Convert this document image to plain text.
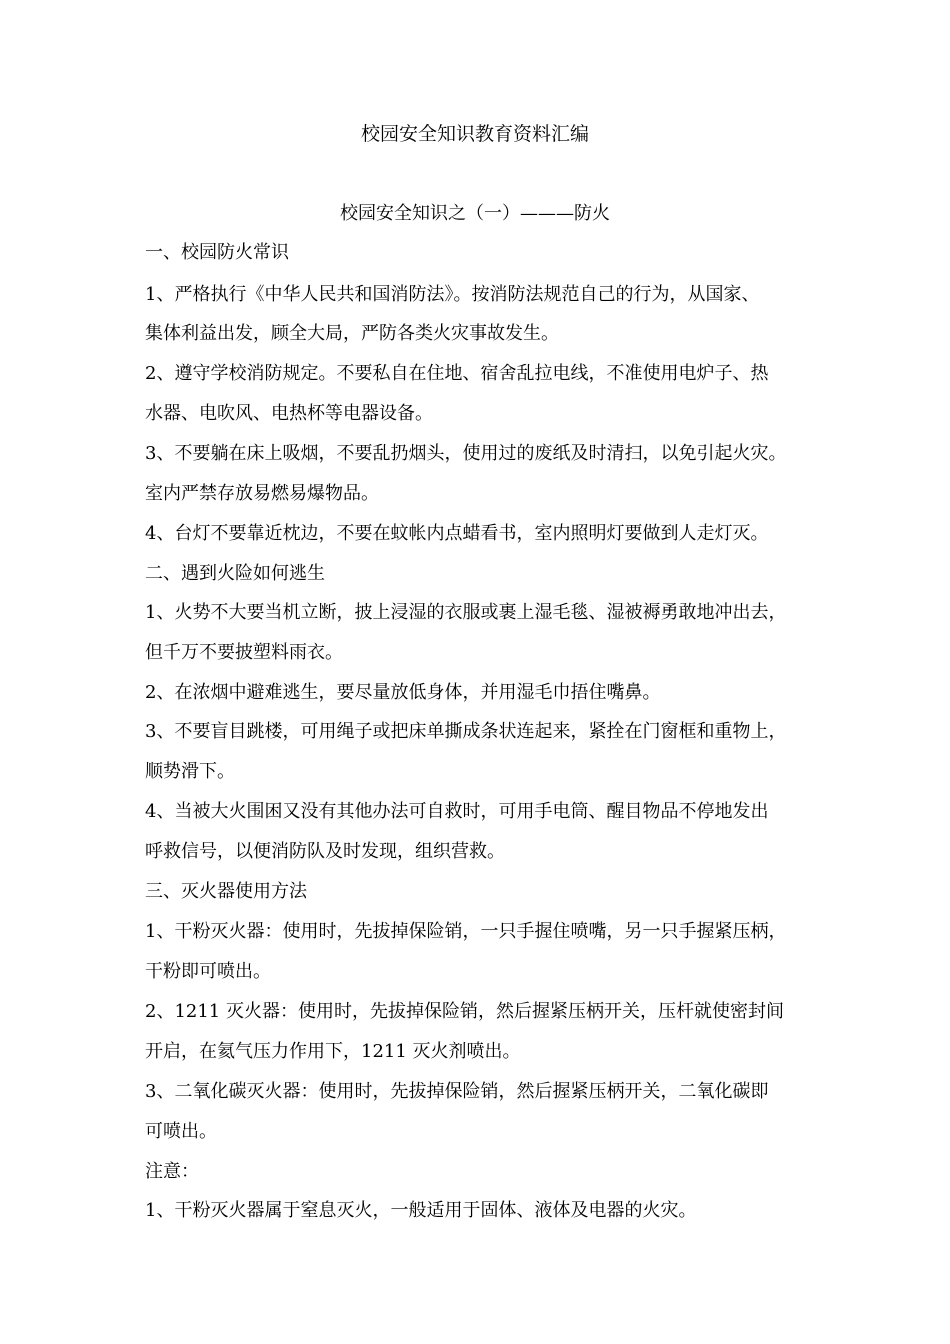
校园安全知识教育资料汇编
校园安全知识之（一）———防火
一、校园防火常识
1、严格执行《中华人民共和国消防法》。按消防法规范自己的行为，从国家、
集体利益出发，顾全大局，严防各类火灾事故发生。
2、遵守学校消防规定。不要私自在住地、宿舍乱拉电线，不准使用电炉子、热
水器、电吹风、电热杯等电器设备。
3、不要躺在床上吸烟，不要乱扔烟头，使用过的废纸及时清扫，以免引起火灾。
室内严禁存放易燃易爆物品。
4、台灯不要靠近枕边，不要在蚊帐内点蜡看书，室内照明灯要做到人走灯灭。
二、遇到火险如何逃生
1、火势不大要当机立断，披上浸湿的衣服或裹上湿毛毯、湿被褥勇敢地冲出去，
但千万不要披塑料雨衣。
2、在浓烟中避难逃生，要尽量放低身体，并用湿毛巾捂住嘴鼻。
3、不要盲目跳楼，可用绳子或把床单撕成条状连起来，紧拴在门窗框和重物上，
顺势滑下。
4、当被大火围困又没有其他办法可自救时，可用手电筒、醒目物品不停地发出
呼救信号，以便消防队及时发现，组织营救。
三、灭火器使用方法
1、干粉灭火器：使用时，先拔掉保险销，一只手握住喷嘴，另一只手握紧压柄，
干粉即可喷出。
2、1211 灭火器：使用时，先拔掉保险销，然后握紧压柄开关，压杆就使密封间
开启，在氦气压力作用下，1211 灭火剂喷出。
3、二氧化碳灭火器：使用时，先拔掉保险销，然后握紧压柄开关，二氧化碳即
可喷出。
注意：
1、干粉灭火器属于窒息灭火，一般适用于固体、液体及电器的火灾。
